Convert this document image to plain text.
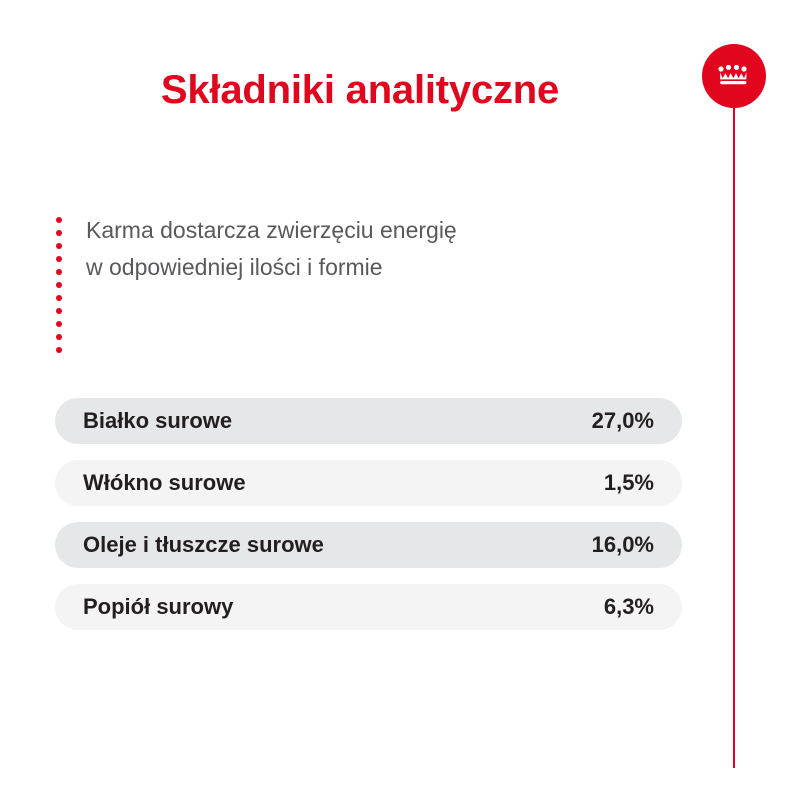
Składniki analityczne
Karma dostarcza zwierzęciu energię
w odpowiedniej ilości i formie
Białko surowe	27,0%
Włókno surowe	1,5%
Oleje i tłuszcze surowe	16,0%
Popiół surowy	6,3%
